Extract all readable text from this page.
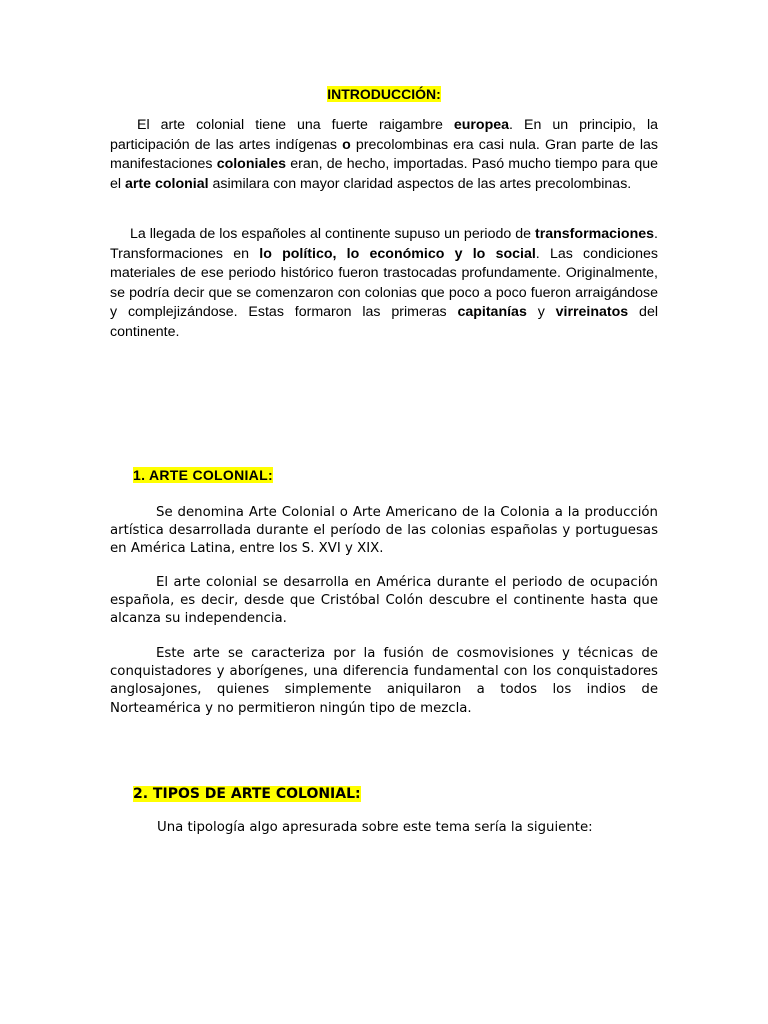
INTRODUCCIÓN:
El arte colonial tiene una fuerte raigambre europea. En un principio, la participación de las artes indígenas o precolombinas era casi nula. Gran parte de las manifestaciones coloniales eran, de hecho, importadas. Pasó mucho tiempo para que el arte colonial asimilara con mayor claridad aspectos de las artes precolombinas.
La llegada de los españoles al continente supuso un periodo de transformaciones. Transformaciones en lo político, lo económico y lo social. Las condiciones materiales de ese periodo histórico fueron trastocadas profundamente. Originalmente, se podría decir que se comenzaron con colonias que poco a poco fueron arraigándose y complejizándose. Estas formaron las primeras capitanías y virreinatos del continente.
1. ARTE COLONIAL:
Se denomina Arte Colonial o Arte Americano de la Colonia a la producción artística desarrollada durante el período de las colonias españolas y portuguesas en América Latina, entre los S. XVI y XIX.
El arte colonial se desarrolla en América durante el periodo de ocupación española, es decir, desde que Cristóbal Colón descubre el continente hasta que alcanza su independencia.
Este arte se caracteriza por la fusión de cosmovisiones y técnicas de conquistadores y aborígenes, una diferencia fundamental con los conquistadores anglosajones, quienes simplemente aniquilaron a todos los indios de Norteamérica y no permitieron ningún tipo de mezcla.
2. TIPOS DE ARTE COLONIAL:
Una tipología algo apresurada sobre este tema sería la siguiente:
